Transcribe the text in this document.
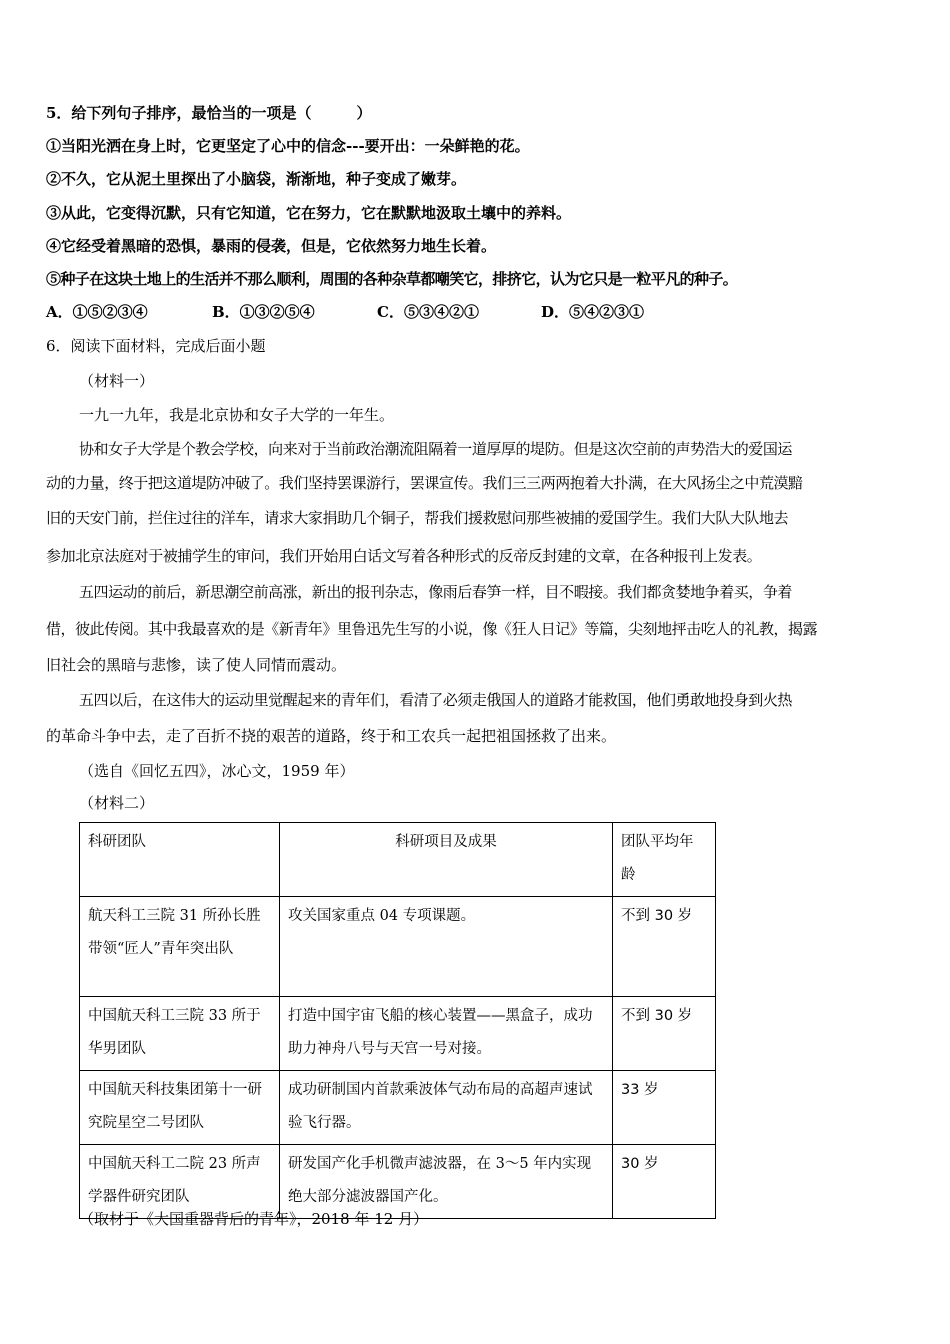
5．给下列句子排序，最恰当的一项是（　　　）
①当阳光洒在身上时，它更坚定了心中的信念---要开出：一朵鲜艳的花。
②不久，它从泥土里探出了小脑袋，渐渐地，种子变成了嫩芽。
③从此，它变得沉默，只有它知道，它在努力，它在默默地汲取土壤中的养料。
④它经受着黑暗的恐惧，暴雨的侵袭，但是，它依然努力地生长着。
⑤种子在这块土地上的生活并不那么顺利，周围的各种杂草都嘲笑它，排挤它，认为它只是一粒平凡的种子。
A．①⑤②③④	B．①③②⑤④	C．⑤③④②①	D．⑤④②③①
6．阅读下面材料，完成后面小题
（材料一）
一九一九年，我是北京协和女子大学的一年生。
协和女子大学是个教会学校，向来对于当前政治潮流阻隔着一道厚厚的堤防。但是这次空前的声势浩大的爱国运
动的力量，终于把这道堤防冲破了。我们坚持罢课游行，罢课宣传。我们三三两两抱着大扑满，在大风扬尘之中荒漠黯
旧的天安门前，拦住过往的洋车，请求大家捐助几个铜子，帮我们援救慰问那些被捕的爱国学生。我们大队大队地去
参加北京法庭对于被捕学生的审问，我们开始用白话文写着各种形式的反帝反封建的文章，在各种报刊上发表。
五四运动的前后，新思潮空前高涨，新出的报刊杂志，像雨后春笋一样，目不暇接。我们都贪婪地争着买，争着
借，彼此传阅。其中我最喜欢的是《新青年》里鲁迅先生写的小说，像《狂人日记》等篇，尖刻地抨击吃人的礼教，揭露
旧社会的黑暗与悲惨，读了使人同情而震动。
五四以后，在这伟大的运动里觉醒起来的青年们，看清了必须走俄国人的道路才能救国，他们勇敢地投身到火热
的革命斗争中去，走了百折不挠的艰苦的道路，终于和工农兵一起把祖国拯救了出来。
（选自《回忆五四》，冰心文，1959 年）
（材料二）
科研团队	科研项目及成果	团队平均年龄
航天科工三院 31 所孙长胜带领“匠人”青年突出队	攻关国家重点 04 专项课题。	不到 30 岁
中国航天科工三院 33 所于华男团队	打造中国宇宙飞船的核心装置——黑盒子，成功助力神舟八号与天宫一号对接。	不到 30 岁
中国航天科技集团第十一研究院星空二号团队	成功研制国内首款乘波体气动布局的高超声速试验飞行器。	33 岁
中国航天科工二院 23 所声学器件研究团队	研发国产化手机微声滤波器，在 3～5 年内实现绝大部分滤波器国产化。	30 岁
（取材于《大国重器背后的青年》，2018 年 12 月）
